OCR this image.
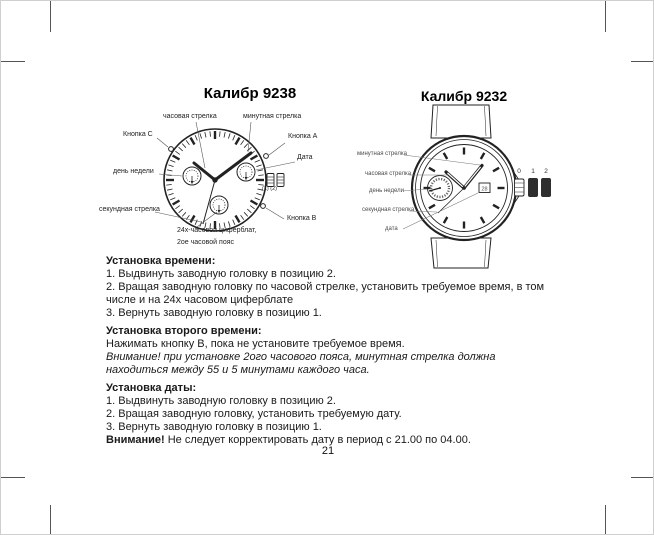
Калибр 9238	Калибр 9232
часовая стрелка	минутная стрелка
Кнопка C	Кнопка A
Дата
день недели
секундная стрелка
Кнопка B
24х-часовой циферблат,
2ое часовой пояс
(1) (2)	28
минутная стрелка
часовая стрелка
день недели
секундная стрелка
дата
0	1	2
Установка времени:
1. Выдвинуть заводную головку в позицию 2.
2. Вращая заводную головку по часовой стрелке, установить требуемое время, в том
числе и на 24х часовом циферблате
3. Вернуть заводную головку в позицию 1.
Установка второго времени:
Нажимать кнопку B, пока не установите требуемое время.
Внимание! при установке 2ого часового пояса, минутная стрелка должна
находиться между 55 и 5 минутами каждого часа.
Установка даты:
1. Выдвинуть заводную головку в позицию 2.
2. Вращая заводную головку, установить требуемую дату.
3. Вернуть заводную головку в позицию 1.
Внимание! Не следует корректировать дату в период с 21.00 по 04.00.
21
